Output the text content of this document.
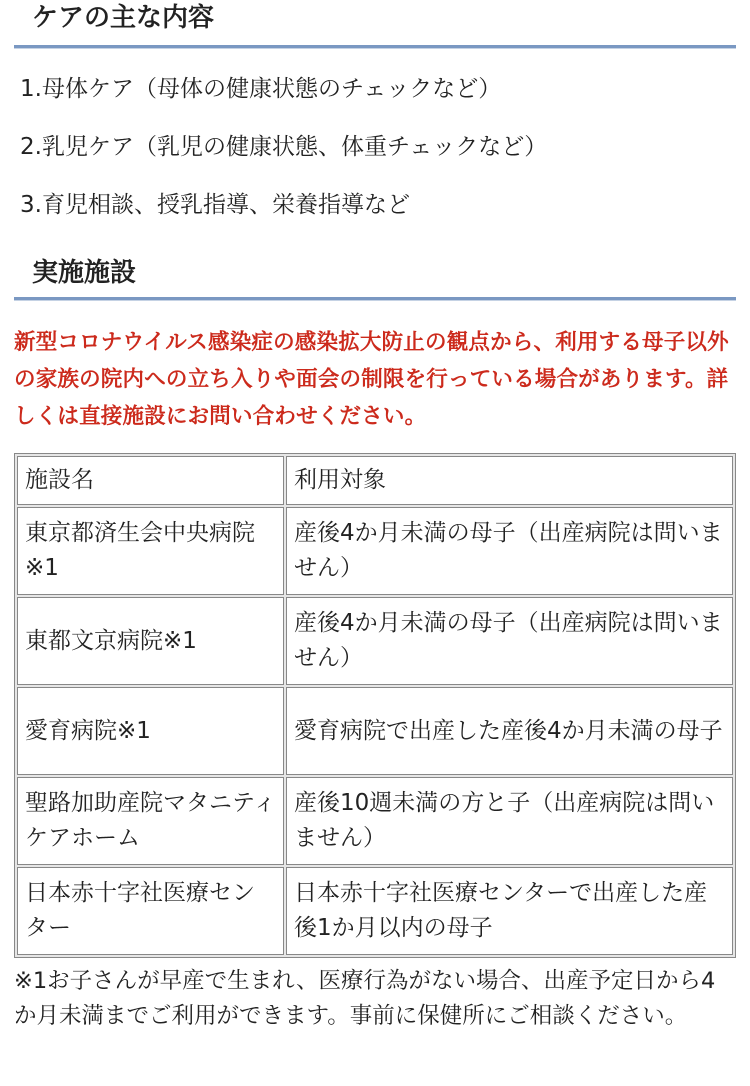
ケアの主な内容

1.母体ケア（母体の健康状態のチェックなど）

2.乳児ケア（乳児の健康状態、体重チェックなど）

3.育児相談、授乳指導、栄養指導など

実施施設

新型コロナウイルス感染症の感染拡大防止の観点から、利用する母子以外の家族の院内への立ち入りや面会の制限を行っている場合があります。詳しくは直接施設にお問い合わせください。

施設名	利用対象
東京都済生会中央病院※1	産後4か月未満の母子（出産病院は問いません）
東都文京病院※1	産後4か月未満の母子（出産病院は問いません）
愛育病院※1	愛育病院で出産した産後4か月未満の母子
聖路加助産院マタニティケアホーム	産後10週未満の方と子（出産病院は問いません）
日本赤十字社医療センター	日本赤十字社医療センターで出産した産後1か月以内の母子

※1お子さんが早産で生まれ、医療行為がない場合、出産予定日から4か月未満までご利用ができます。事前に保健所にご相談ください。
